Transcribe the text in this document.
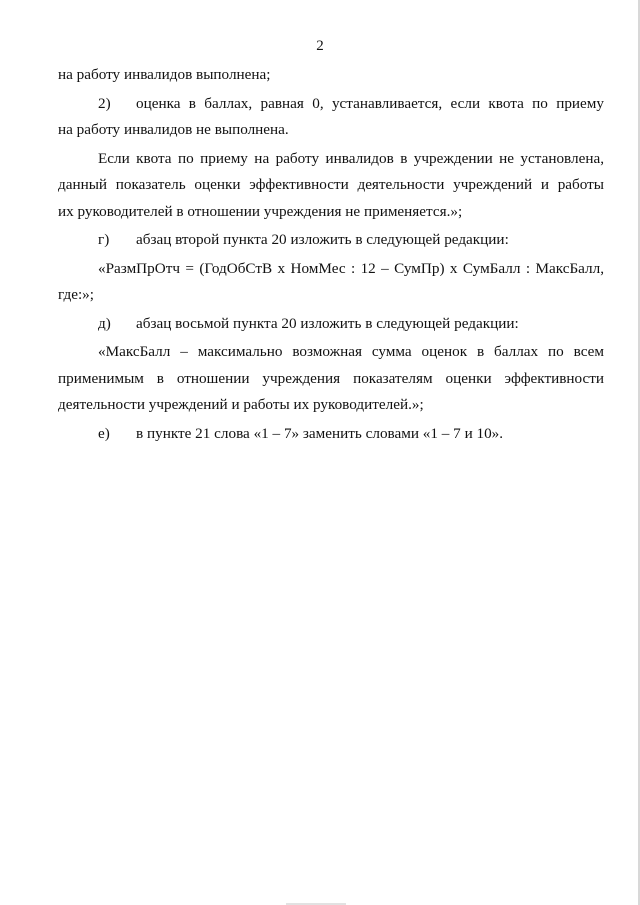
2
на работу инвалидов выполнена;
2)	оценка в баллах, равная 0, устанавливается, если квота по приему
на работу инвалидов не выполнена.
Если квота по приему на работу инвалидов в учреждении не установлена,
данный показатель оценки эффективности деятельности учреждений и работы
их руководителей в отношении учреждения не применяется.»;
г)	абзац второй пункта 20 изложить в следующей редакции:
«РазмПрОтч = (ГодОбСтВ х НомМес : 12 – СумПр) х СумБалл : МаксБалл,
где:»;
д)	абзац восьмой пункта 20 изложить в следующей редакции:
«МаксБалл – максимально возможная сумма оценок в баллах по всем
применимым в отношении учреждения показателям оценки эффективности
деятельности учреждений и работы их руководителей.»;
е)	в пункте 21 слова «1 – 7» заменить словами «1 – 7 и 10».
